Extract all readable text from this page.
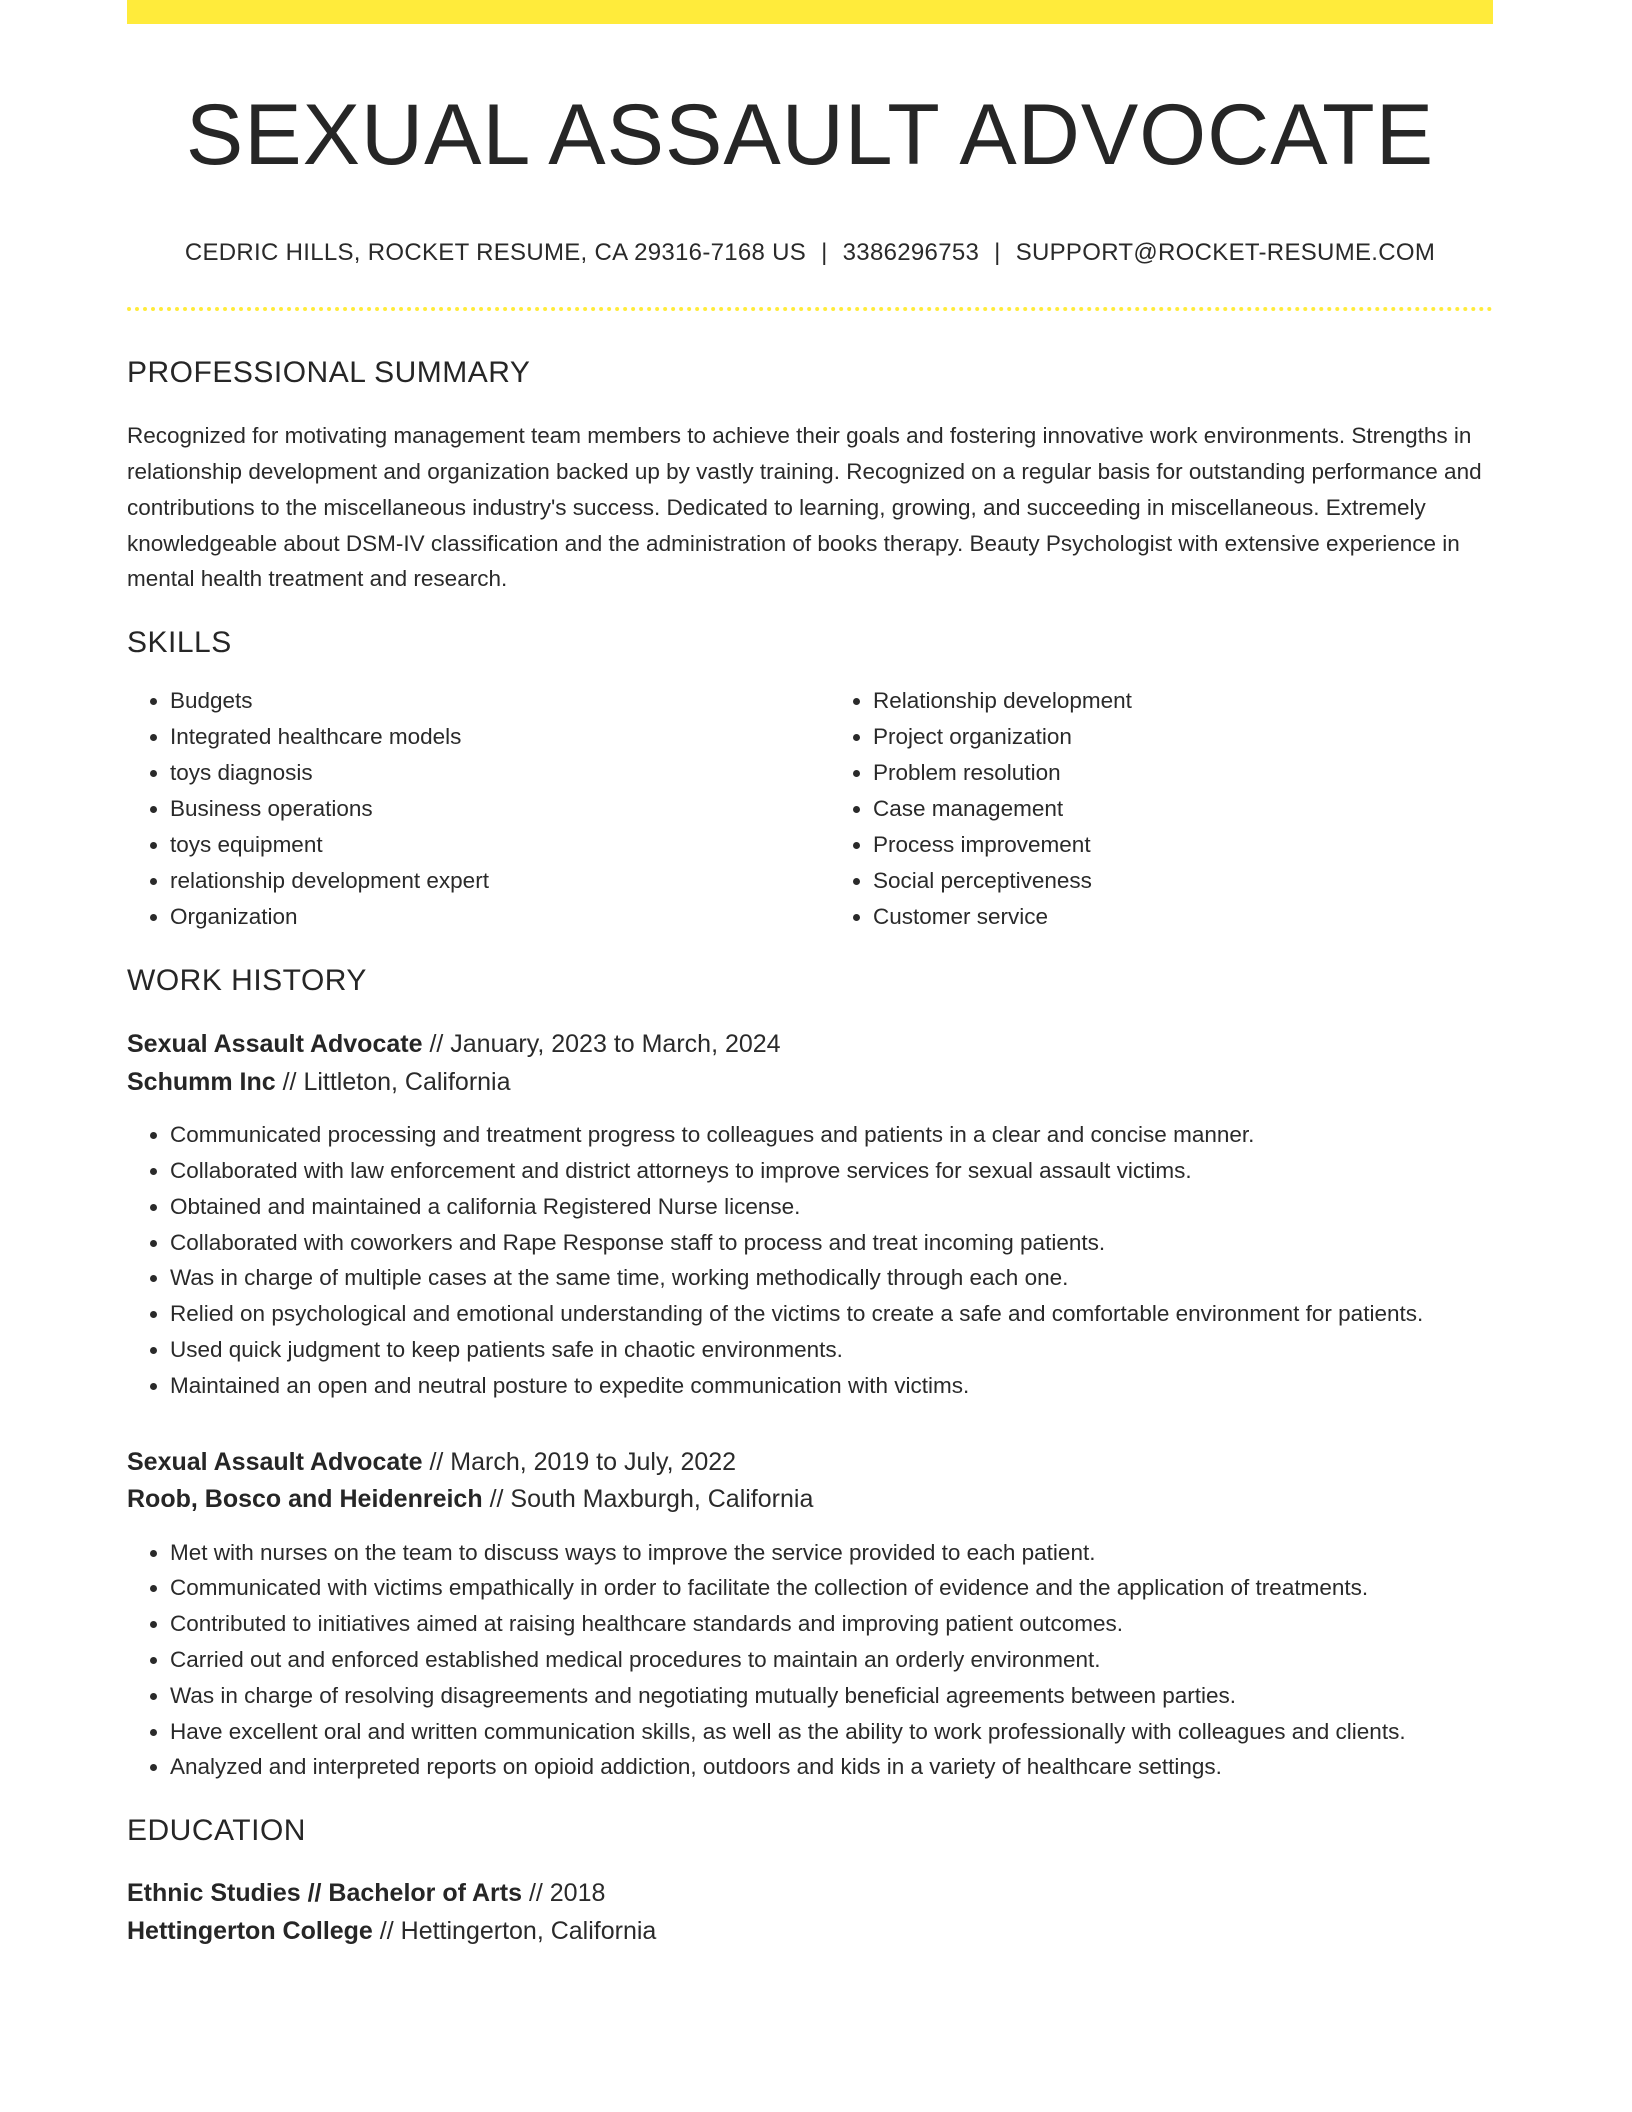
SEXUAL ASSAULT ADVOCATE
CEDRIC HILLS, ROCKET RESUME, CA 29316-7168 US | 3386296753 | SUPPORT@ROCKET-RESUME.COM
PROFESSIONAL SUMMARY
Recognized for motivating management team members to achieve their goals and fostering innovative work environments. Strengths in relationship development and organization backed up by vastly training. Recognized on a regular basis for outstanding performance and contributions to the miscellaneous industry's success. Dedicated to learning, growing, and succeeding in miscellaneous. Extremely knowledgeable about DSM-IV classification and the administration of books therapy. Beauty Psychologist with extensive experience in mental health treatment and research.
SKILLS
• Budgets
• Integrated healthcare models
• toys diagnosis
• Business operations
• toys equipment
• relationship development expert
• Organization
• Relationship development
• Project organization
• Problem resolution
• Case management
• Process improvement
• Social perceptiveness
• Customer service
WORK HISTORY
Sexual Assault Advocate // January, 2023 to March, 2024
Schumm Inc // Littleton, California
• Communicated processing and treatment progress to colleagues and patients in a clear and concise manner.
• Collaborated with law enforcement and district attorneys to improve services for sexual assault victims.
• Obtained and maintained a california Registered Nurse license.
• Collaborated with coworkers and Rape Response staff to process and treat incoming patients.
• Was in charge of multiple cases at the same time, working methodically through each one.
• Relied on psychological and emotional understanding of the victims to create a safe and comfortable environment for patients.
• Used quick judgment to keep patients safe in chaotic environments.
• Maintained an open and neutral posture to expedite communication with victims.
Sexual Assault Advocate // March, 2019 to July, 2022
Roob, Bosco and Heidenreich // South Maxburgh, California
• Met with nurses on the team to discuss ways to improve the service provided to each patient.
• Communicated with victims empathically in order to facilitate the collection of evidence and the application of treatments.
• Contributed to initiatives aimed at raising healthcare standards and improving patient outcomes.
• Carried out and enforced established medical procedures to maintain an orderly environment.
• Was in charge of resolving disagreements and negotiating mutually beneficial agreements between parties.
• Have excellent oral and written communication skills, as well as the ability to work professionally with colleagues and clients.
• Analyzed and interpreted reports on opioid addiction, outdoors and kids in a variety of healthcare settings.
EDUCATION
Ethnic Studies // Bachelor of Arts // 2018
Hettingerton College // Hettingerton, California
